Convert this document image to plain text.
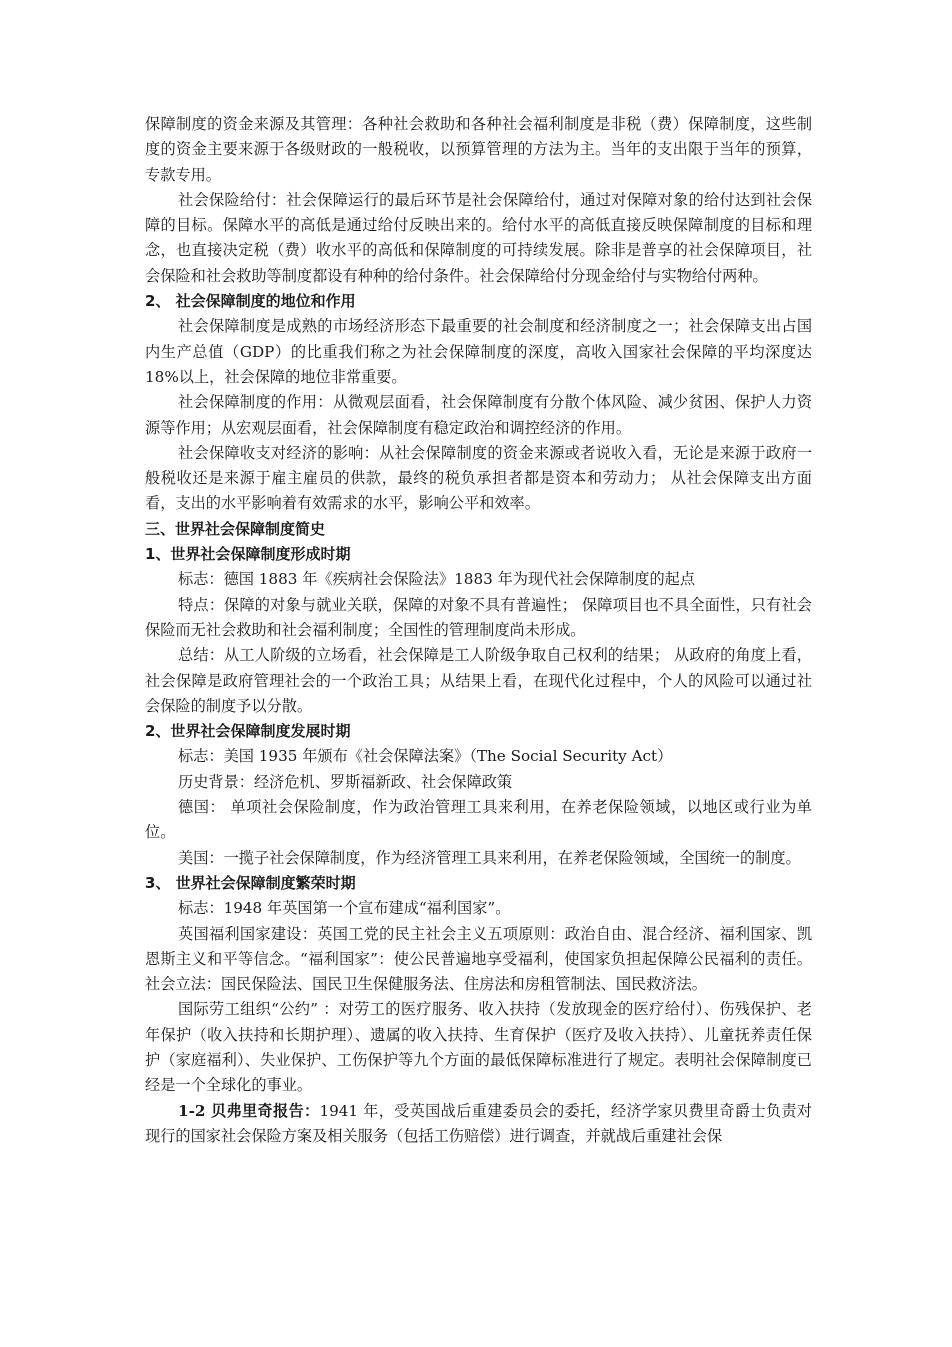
保障制度的资金来源及其管理：各种社会救助和各种社会福利制度是非税（费）保障制度，这些制度的资金主要来源于各级财政的一般税收，以预算管理的方法为主。当年的支出限于当年的预算，专款专用。

社会保险给付：社会保障运行的最后环节是社会保障给付，通过对保障对象的给付达到社会保障的目标。保障水平的高低是通过给付反映出来的。给付水平的高低直接反映保障制度的目标和理念，也直接决定税（费）收水平的高低和保障制度的可持续发展。除非是普享的社会保障项目，社会保险和社会救助等制度都设有种种的给付条件。社会保障给付分现金给付与实物给付两种。

2、 社会保障制度的地位和作用

社会保障制度是成熟的市场经济形态下最重要的社会制度和经济制度之一；社会保障支出占国内生产总值（GDP）的比重我们称之为社会保障制度的深度，高收入国家社会保障的平均深度达 18%以上，社会保障的地位非常重要。

社会保障制度的作用：从微观层面看，社会保障制度有分散个体风险、减少贫困、保护人力资源等作用；从宏观层面看，社会保障制度有稳定政治和调控经济的作用。

社会保障收支对经济的影响：从社会保障制度的资金来源或者说收入看，无论是来源于政府一般税收还是来源于雇主雇员的供款，最终的税负承担者都是资本和劳动力； 从社会保障支出方面看，支出的水平影响着有效需求的水平，影响公平和效率。

三、世界社会保障制度简史

1、世界社会保障制度形成时期

标志：德国 1883 年《疾病社会保险法》1883 年为现代社会保障制度的起点

特点：保障的对象与就业关联，保障的对象不具有普遍性； 保障项目也不具全面性，只有社会保险而无社会救助和社会福利制度；全国性的管理制度尚未形成。

总结：从工人阶级的立场看，社会保障是工人阶级争取自己权利的结果； 从政府的角度上看，社会保障是政府管理社会的一个政治工具；从结果上看，在现代化过程中，个人的风险可以通过社会保险的制度予以分散。

2、世界社会保障制度发展时期

标志：美国 1935 年颁布《社会保障法案》（The Social Security Act）

历史背景：经济危机、罗斯福新政、社会保障政策

德国： 单项社会保险制度，作为政治管理工具来利用，在养老保险领域，以地区或行业为单位。

美国：一揽子社会保障制度，作为经济管理工具来利用，在养老保险领域，全国统一的制度。

3、 世界社会保障制度繁荣时期

标志：1948 年英国第一个宣布建成“福利国家”。

英国福利国家建设：英国工党的民主社会主义五项原则：政治自由、混合经济、福利国家、凯恩斯主义和平等信念。“福利国家”：使公民普遍地享受福利，使国家负担起保障公民福利的责任。社会立法：国民保险法、国民卫生保健服务法、住房法和房租管制法、国民救济法。

国际劳工组织“公约” ：对劳工的医疗服务、收入扶持（发放现金的医疗给付）、伤残保护、老年保护（收入扶持和长期护理）、遗属的收入扶持、生育保护（医疗及收入扶持）、儿童抚养责任保护（家庭福利）、失业保护、工伤保护等九个方面的最低保障标准进行了规定。表明社会保障制度已经是一个全球化的事业。

1-2 贝弗里奇报告：1941 年，受英国战后重建委员会的委托，经济学家贝费里奇爵士负责对现行的国家社会保险方案及相关服务（包括工伤赔偿）进行调查，并就战后重建社会保
